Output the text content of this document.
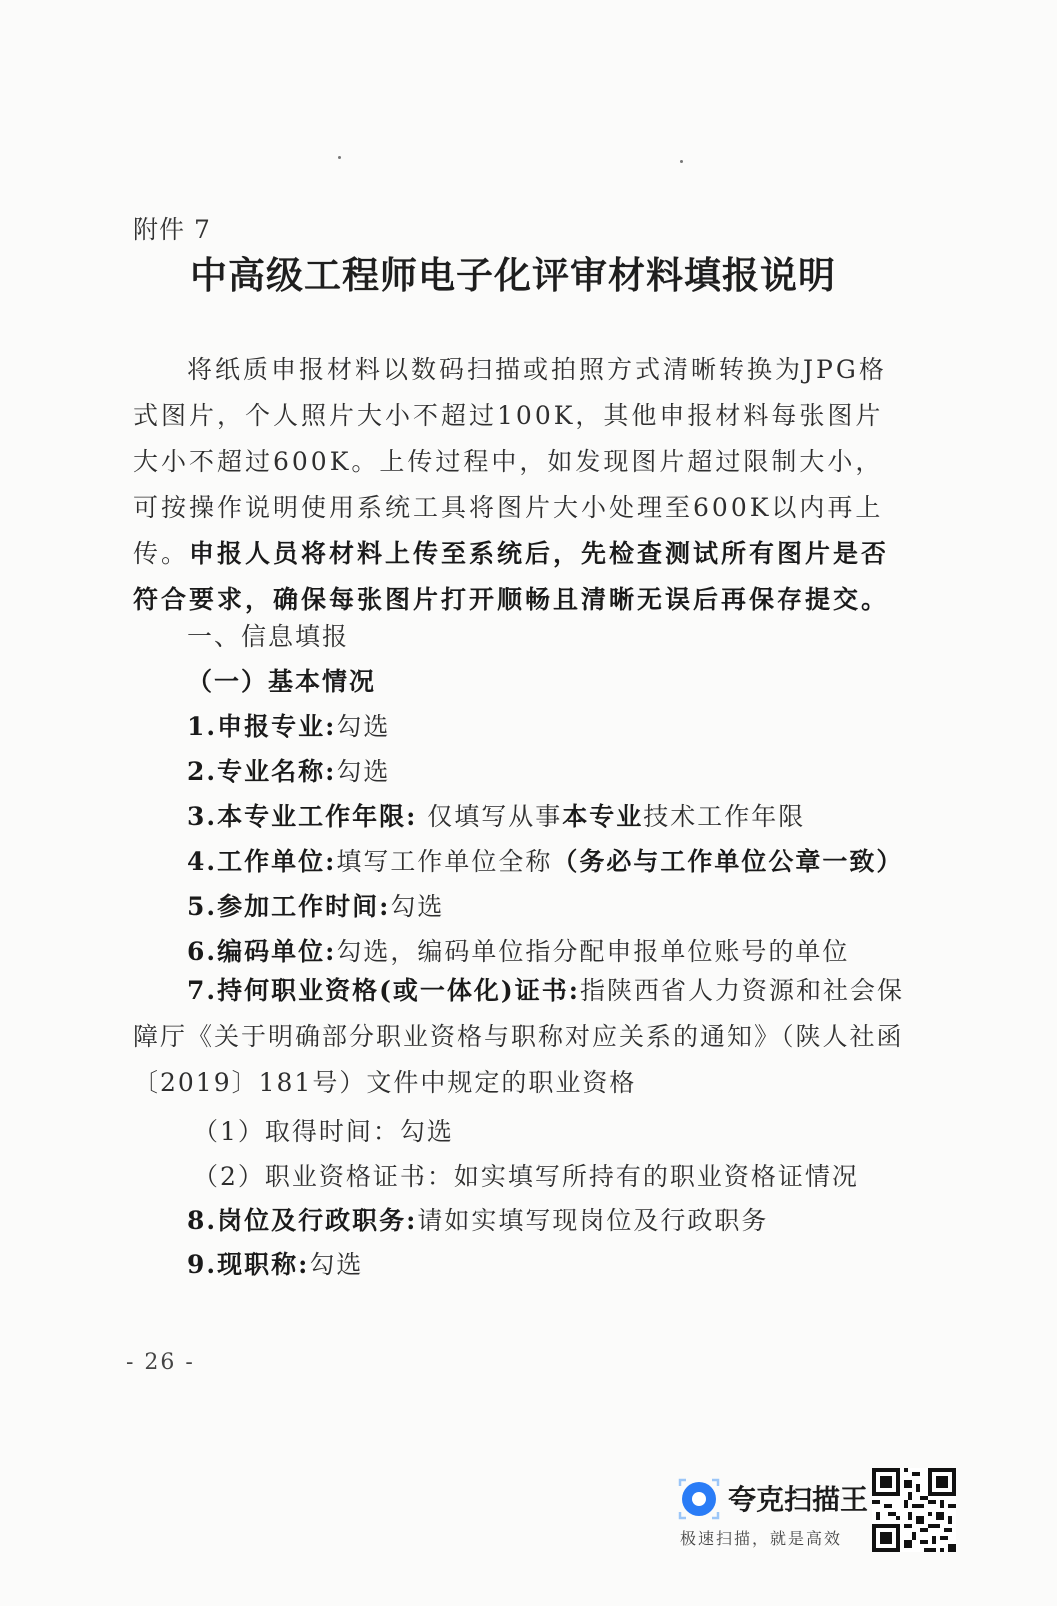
附件 7
中高级工程师电子化评审材料填报说明

将纸质申报材料以数码扫描或拍照方式清晰转换为JPG格式图片，个人照片大小不超过100K，其他申报材料每张图片大小不超过600K。上传过程中，如发现图片超过限制大小，可按操作说明使用系统工具将图片大小处理至600K以内再上传。申报人员将材料上传至系统后，先检查测试所有图片是否符合要求，确保每张图片打开顺畅且清晰无误后再保存提交。

一、信息填报
（一）基本情况
1.申报专业:勾选
2.专业名称:勾选
3.本专业工作年限: 仅填写从事本专业技术工作年限
4.工作单位:填写工作单位全称（务必与工作单位公章一致）
5.参加工作时间:勾选
6.编码单位:勾选，编码单位指分配申报单位账号的单位

7.持何职业资格(或一体化)证书:指陕西省人力资源和社会保障厅《关于明确部分职业资格与职称对应关系的通知》（陕人社函〔2019〕181号）文件中规定的职业资格

（1）取得时间：勾选
（2）职业资格证书：如实填写所持有的职业资格证情况
8.岗位及行政职务:请如实填写现岗位及行政职务
9.现职称:勾选
- 26 -
夸克扫描王
极速扫描，就是高效
